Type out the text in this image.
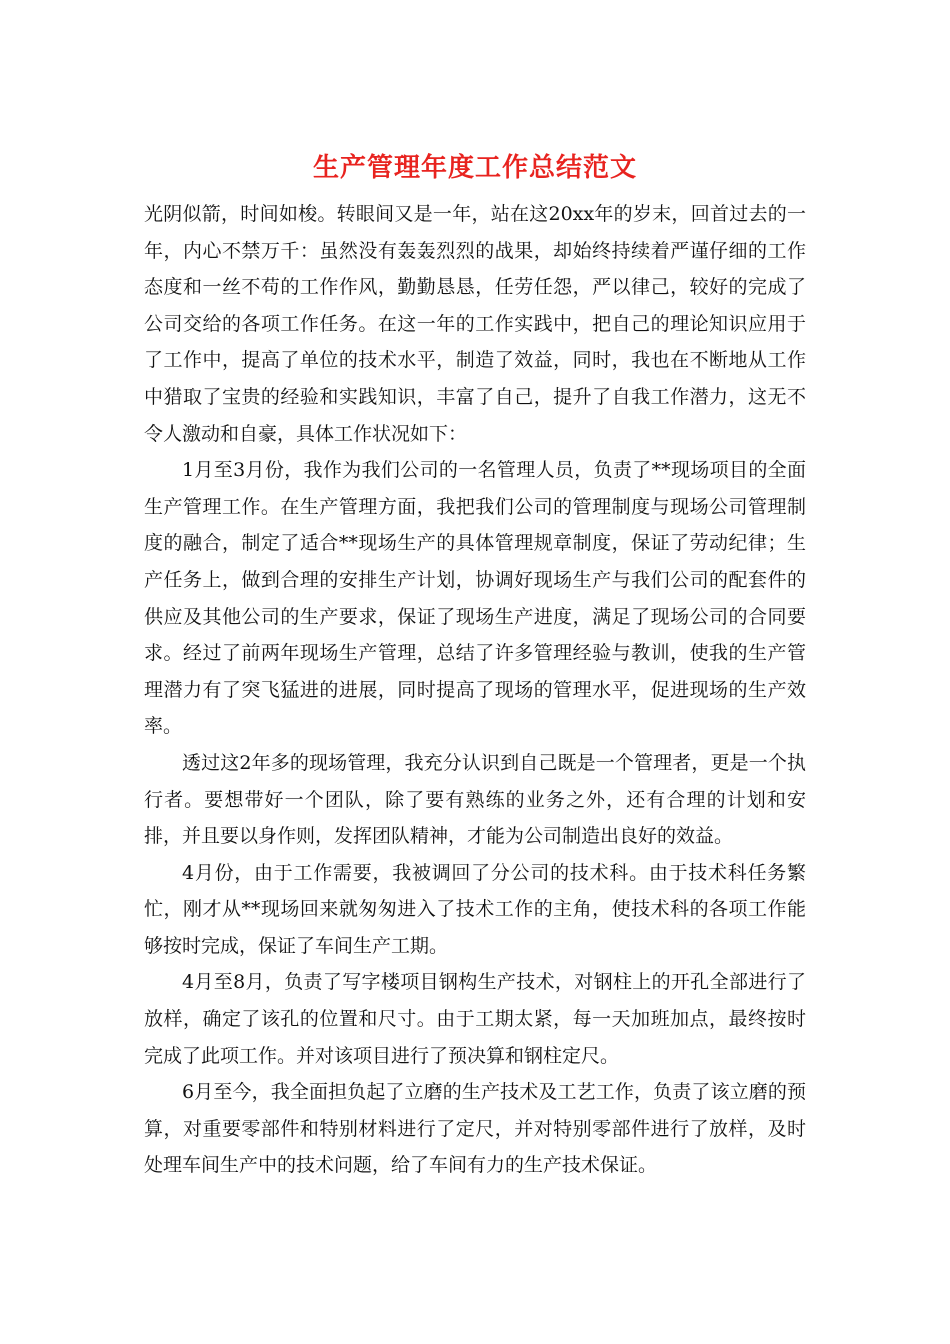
生产管理年度工作总结范文

光阴似箭，时间如梭。转眼间又是一年，站在这20xx年的岁末，回首过去的一年，内心不禁万千：虽然没有轰轰烈烈的战果，却始终持续着严谨仔细的工作态度和一丝不苟的工作作风，勤勤恳恳，任劳任怨，严以律己，较好的完成了公司交给的各项工作任务。在这一年的工作实践中，把自己的理论知识应用于了工作中，提高了单位的技术水平，制造了效益，同时，我也在不断地从工作中猎取了宝贵的经验和实践知识，丰富了自己，提升了自我工作潜力，这无不令人激动和自豪，具体工作状况如下：

1月至3月份，我作为我们公司的一名管理人员，负责了**现场项目的全面生产管理工作。在生产管理方面，我把我们公司的管理制度与现场公司管理制度的融合，制定了适合**现场生产的具体管理规章制度，保证了劳动纪律；生产任务上，做到合理的安排生产计划，协调好现场生产与我们公司的配套件的供应及其他公司的生产要求，保证了现场生产进度，满足了现场公司的合同要求。经过了前两年现场生产管理，总结了许多管理经验与教训，使我的生产管理潜力有了突飞猛进的进展，同时提高了现场的管理水平，促进现场的生产效率。

透过这2年多的现场管理，我充分认识到自己既是一个管理者，更是一个执行者。要想带好一个团队，除了要有熟练的业务之外，还有合理的计划和安排，并且要以身作则，发挥团队精神，才能为公司制造出良好的效益。

4月份，由于工作需要，我被调回了分公司的技术科。由于技术科任务繁忙，刚才从**现场回来就匆匆进入了技术工作的主角，使技术科的各项工作能够按时完成，保证了车间生产工期。

4月至8月，负责了写字楼项目钢构生产技术，对钢柱上的开孔全部进行了放样，确定了该孔的位置和尺寸。由于工期太紧，每一天加班加点，最终按时完成了此项工作。并对该项目进行了预决算和钢柱定尺。

6月至今，我全面担负起了立磨的生产技术及工艺工作，负责了该立磨的预算，对重要零部件和特别材料进行了定尺，并对特别零部件进行了放样，及时处理车间生产中的技术问题，给了车间有力的生产技术保证。
